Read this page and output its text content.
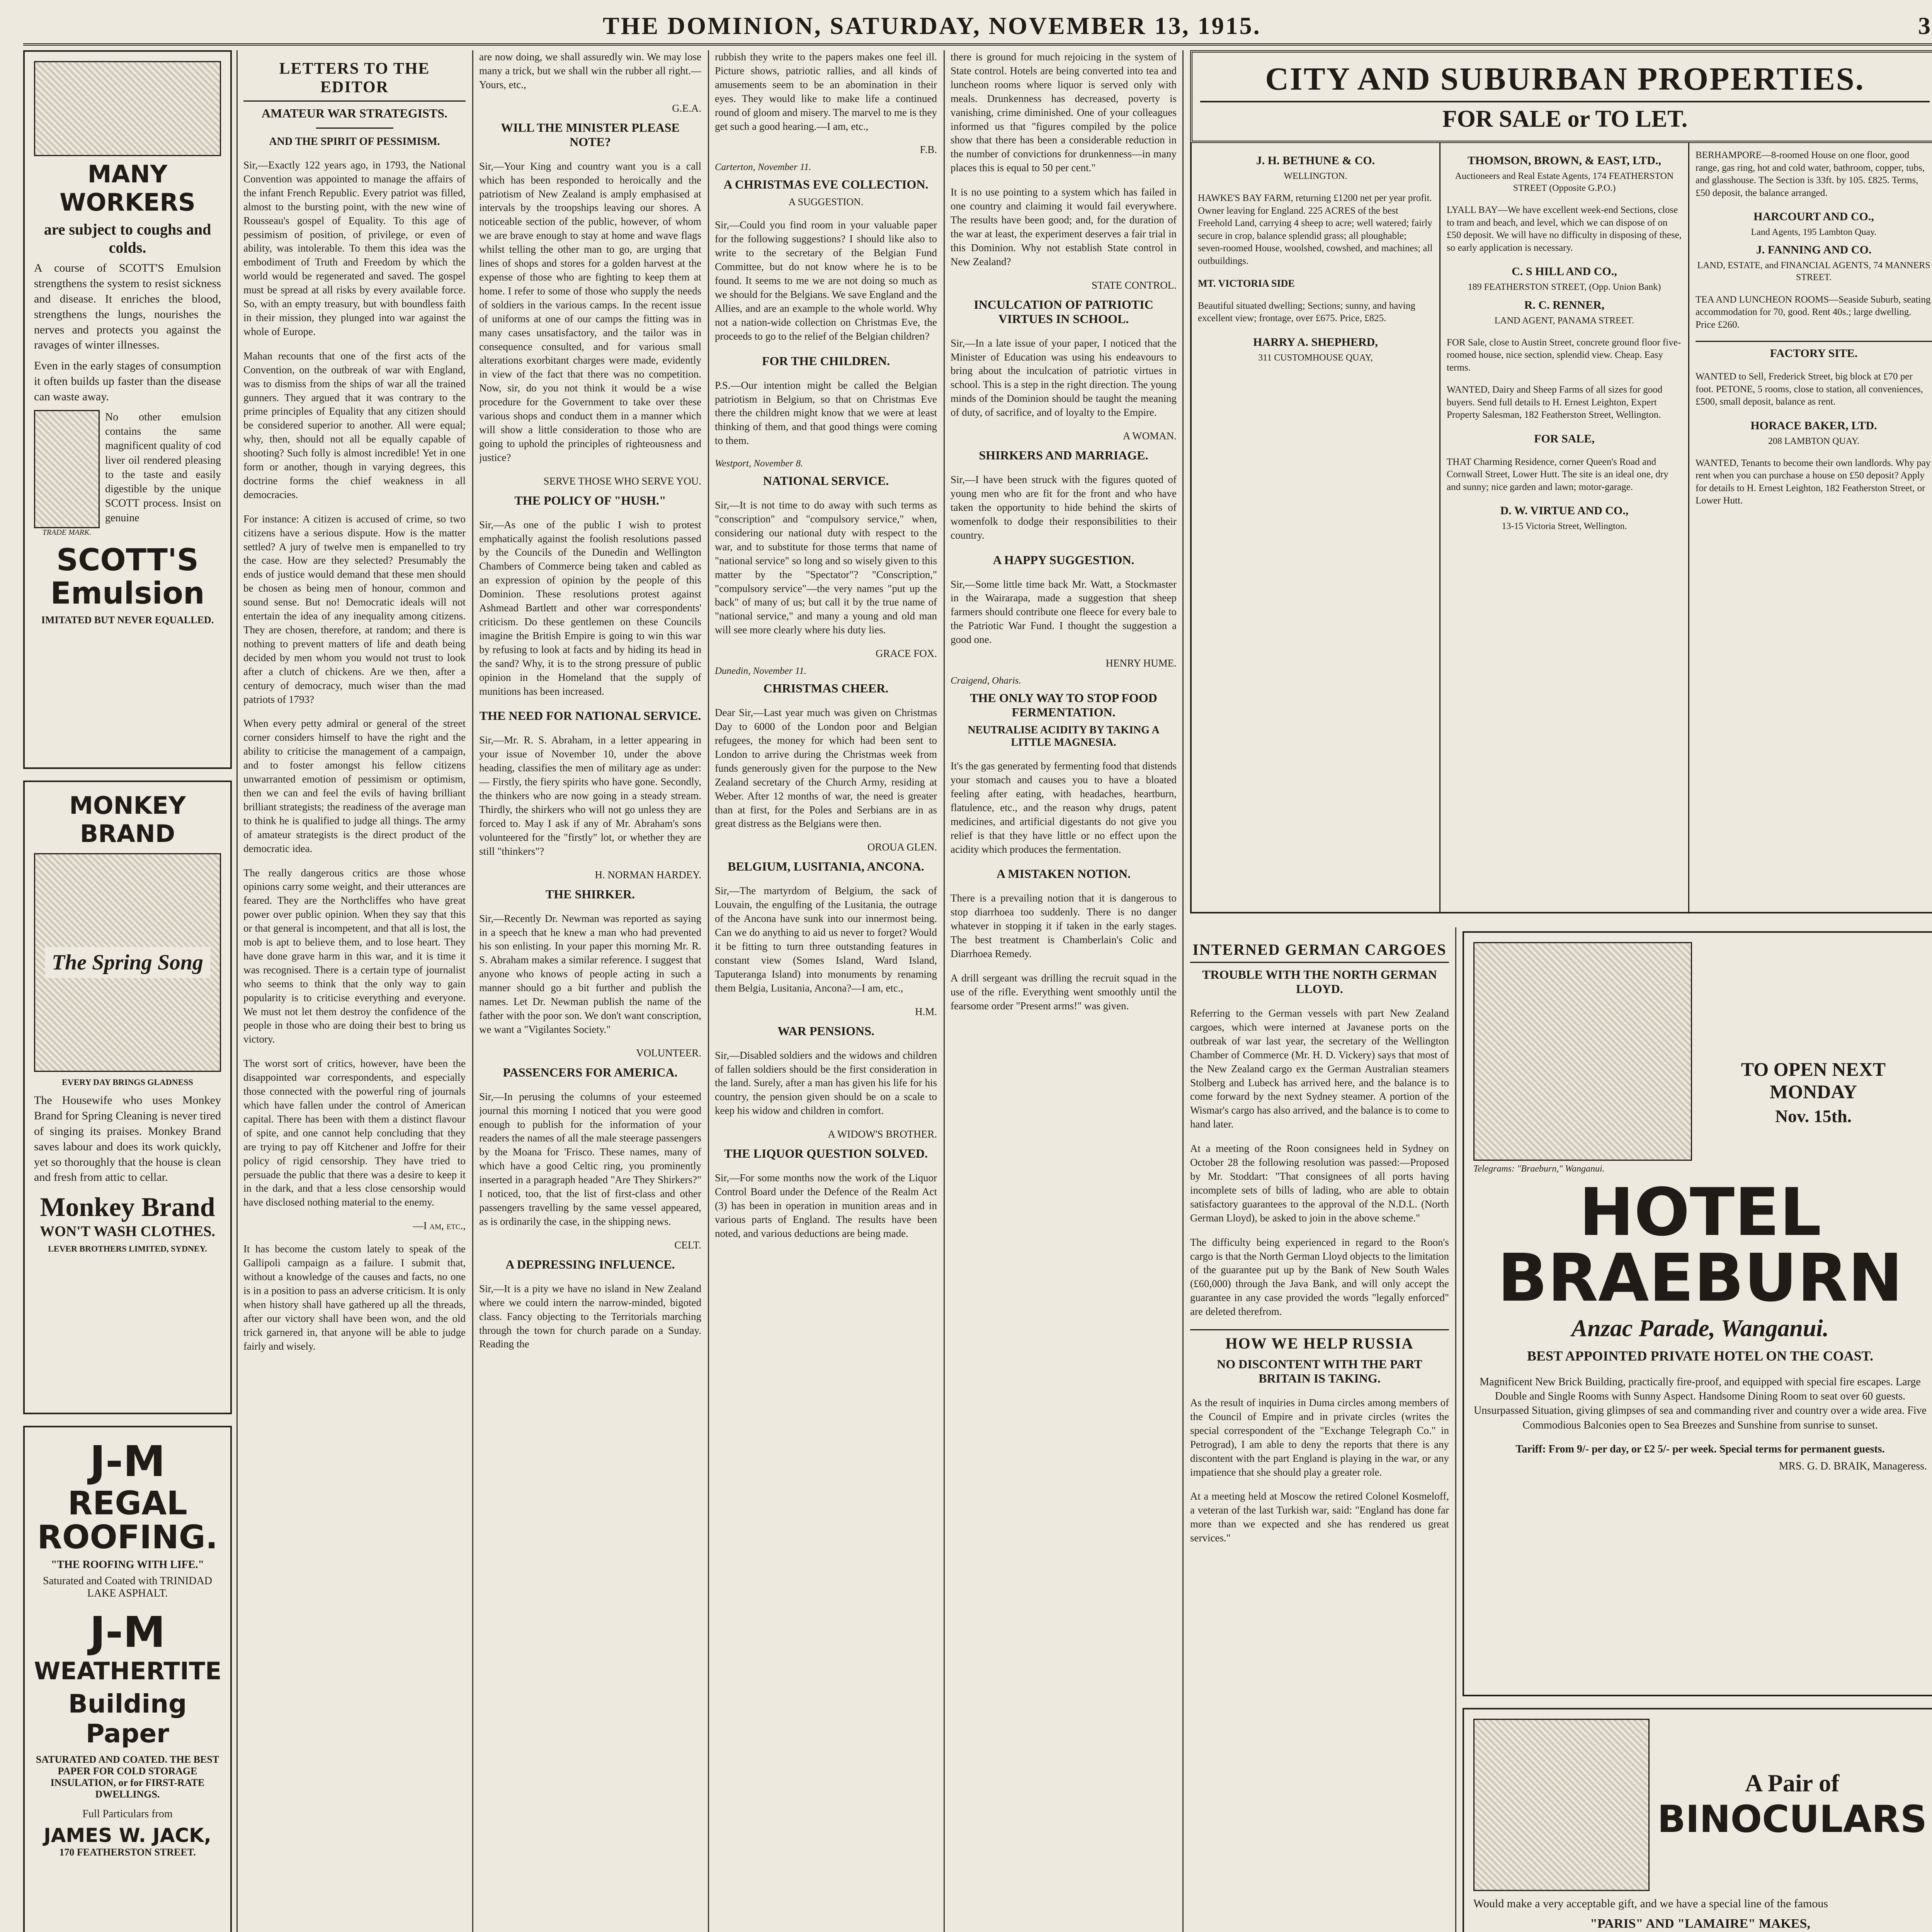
THE DOMINION, SATURDAY, NOVEMBER 13, 1915.	3
MANY WORKERS
are subject to coughs and colds.
A course of SCOTT'S Emulsion strengthens the system to resist sickness and disease. It enriches the blood, strengthens the lungs, nourishes the nerves and protects you against the ravages of winter illnesses.
Even in the early stages of consumption it often builds up faster than the disease can waste away.
TRADE MARK.
No other emulsion contains the same magnificent quality of cod liver oil rendered pleasing to the taste and easily digestible by the unique SCOTT process. Insist on genuine
SCOTT'S Emulsion
IMITATED BUT NEVER EQUALLED.
MONKEY BRAND
The Spring Song
EVERY DAY BRINGS GLADNESS
The Housewife who uses Monkey Brand for Spring Cleaning is never tired of singing its praises. Monkey Brand saves labour and does its work quickly, yet so thoroughly that the house is clean and fresh from attic to cellar.
Monkey Brand
WON'T WASH CLOTHES.
LEVER BROTHERS LIMITED, SYDNEY.
J-M
REGAL ROOFING.
"THE ROOFING WITH LIFE."
Saturated and Coated with TRINIDAD LAKE ASPHALT.
J-M
WEATHERTITE
Building Paper
SATURATED AND COATED. THE BEST PAPER FOR COLD STORAGE INSULATION, or for FIRST-RATE DWELLINGS.
Full Particulars from
JAMES W. JACK,
170 FEATHERSTON STREET.
LETTERS TO THE EDITOR
AMATEUR WAR STRATEGISTS.
AND THE SPIRIT OF PESSIMISM.

Sir,—Exactly 122 years ago, in 1793, the National Convention was appointed to manage the affairs of the infant French Republic. Every patriot was filled, almost to the bursting point, with the new wine of Rousseau's gospel of Equality. To this age of pessimism of position, of privilege, or even of ability, was intolerable. To them this idea was the embodiment of Truth and Freedom by which the world would be regenerated and saved. The gospel must be spread at all risks by every available force. So, with an empty treasury, but with boundless faith in their mission, they plunged into war against the whole of Europe.

Mahan recounts that one of the first acts of the Convention, on the outbreak of war with England, was to dismiss from the ships of war all the trained gunners. They argued that it was contrary to the prime principles of Equality that any citizen should be considered superior to another. All were equal; why, then, should not all be equally capable of shooting? Such folly is almost incredible! Yet in one form or another, though in varying degrees, this doctrine forms the chief weakness in all democracies.

For instance: A citizen is accused of crime, so two citizens have a serious dispute. How is the matter settled? A jury of twelve men is empanelled to try the case. How are they selected? Presumably the ends of justice would demand that these men should be chosen as being men of honour, common and sound sense. But no! Democratic ideals will not entertain the idea of any inequality among citizens. They are chosen, therefore, at random; and there is nothing to prevent matters of life and death being decided by men whom you would not trust to look after a clutch of chickens. Are we then, after a century of democracy, much wiser than the mad patriots of 1793?

When every petty admiral or general of the street corner considers himself to have the right and the ability to criticise the management of a campaign, and to foster amongst his fellow citizens unwarranted emotion of pessimism or optimism, then we can and feel the evils of having brilliant brilliant strategists; the readiness of the average man to think he is qualified to judge all things. The army of amateur strategists is the direct product of the democratic idea.

The really dangerous critics are those whose opinions carry some weight, and their utterances are feared. They are the Northcliffes who have great power over public opinion. When they say that this or that general is incompetent, and that all is lost, the mob is apt to believe them, and to lose heart. They have done grave harm in this war, and it is time it was recognised. There is a certain type of journalist who seems to think that the only way to gain popularity is to criticise everything and everyone. We must not let them destroy the confidence of the people in those who are doing their best to bring us victory.

The worst sort of critics, however, have been the disappointed war correspondents, and especially those connected with the powerful ring of journals which have fallen under the control of American capital. There has been with them a distinct flavour of spite, and one cannot help concluding that they are trying to pay off Kitchener and Joffre for their policy of rigid censorship. They have tried to persuade the public that there was a desire to keep it in the dark, and that a less close censorship would have disclosed nothing material to the enemy.

—I am, etc.,

It has become the custom lately to speak of the Gallipoli campaign as a failure. I submit that, without a knowledge of the causes and facts, no one is in a position to pass an adverse criticism. It is only when history shall have gathered up all the threads, after our victory shall have been won, and the old trick garnered in, that anyone will be able to judge fairly and wisely.

are now doing, we shall assuredly win. We may lose many a trick, but we shall win the rubber all right.—Yours, etc.,

G.E.A.
WILL THE MINISTER PLEASE NOTE?

Sir,—Your King and country want you is a call which has been responded to heroically and the patriotism of New Zealand is amply emphasised at intervals by the troopships leaving our shores. A noticeable section of the public, however, of whom we are brave enough to stay at home and wave flags whilst telling the other man to go, are urging that lines of shops and stores for a golden harvest at the expense of those who are fighting to keep them at home. I refer to some of those who supply the needs of soldiers in the various camps. In the recent issue of uniforms at one of our camps the fitting was in many cases unsatisfactory, and the tailor was in consequence consulted, and for various small alterations exorbitant charges were made, evidently in view of the fact that there was no competition. Now, sir, do you not think it would be a wise procedure for the Government to take over these various shops and conduct them in a manner which will show a little consideration to those who are going to uphold the principles of righteousness and justice?

SERVE THOSE WHO SERVE YOU.
THE POLICY OF "HUSH."

Sir,—As one of the public I wish to protest emphatically against the foolish resolutions passed by the Councils of the Dunedin and Wellington Chambers of Commerce being taken and cabled as an expression of opinion by the people of this Dominion. These resolutions protest against Ashmead Bartlett and other war correspondents' criticism. Do these gentlemen on these Councils imagine the British Empire is going to win this war by refusing to look at facts and by hiding its head in the sand? Why, it is to the strong pressure of public opinion in the Homeland that the supply of munitions has been increased.

THE NEED FOR NATIONAL SERVICE.

Sir,—Mr. R. S. Abraham, in a letter appearing in your issue of November 10, under the above heading, classifies the men of military age as under:— Firstly, the fiery spirits who have gone. Secondly, the thinkers who are now going in a steady stream. Thirdly, the shirkers who will not go unless they are forced to. May I ask if any of Mr. Abraham's sons volunteered for the "firstly" lot, or whether they are still "thinkers"?

H. NORMAN HARDEY.
THE SHIRKER.

Sir,—Recently Dr. Newman was reported as saying in a speech that he knew a man who had prevented his son enlisting. In your paper this morning Mr. R. S. Abraham makes a similar reference. I suggest that anyone who knows of people acting in such a manner should go a bit further and publish the names. Let Dr. Newman publish the name of the father with the poor son. We don't want conscription, we want a "Vigilantes Society."

VOLUNTEER.
PASSENCERS FOR AMERICA.

Sir,—In perusing the columns of your esteemed journal this morning I noticed that you were good enough to publish for the information of your readers the names of all the male steerage passengers by the Moana for 'Frisco. These names, many of which have a good Celtic ring, you prominently inserted in a paragraph headed "Are They Shirkers?" I noticed, too, that the list of first-class and other passengers travelling by the same vessel appeared, as is ordinarily the case, in the shipping news.

CELT.
A DEPRESSING INFLUENCE.

Sir,—It is a pity we have no island in New Zealand where we could intern the narrow-minded, bigoted class. Fancy objecting to the Territorials marching through the town for church parade on a Sunday. Reading the

rubbish they write to the papers makes one feel ill. Picture shows, patriotic rallies, and all kinds of amusements seem to be an abomination in their eyes. They would like to make life a continued round of gloom and misery. The marvel to me is they get such a good hearing.—I am, etc.,

F.B.
Carterton, November 11.
A CHRISTMAS EVE COLLECTION.
A SUGGESTION.

Sir,—Could you find room in your valuable paper for the following suggestions? I should like also to write to the secretary of the Belgian Fund Committee, but do not know where he is to be found. It seems to me we are not doing so much as we should for the Belgians. We save England and the Allies, and are an example to the whole world. Why not a nation-wide collection on Christmas Eve, the proceeds to go to the relief of the Belgian children?

FOR THE CHILDREN.

P.S.—Our intention might be called the Belgian patriotism in Belgium, so that on Christmas Eve there the children might know that we were at least thinking of them, and that good things were coming to them.

Westport, November 8.
NATIONAL SERVICE.

Sir,—It is not time to do away with such terms as "conscription" and "compulsory service," when, considering our national duty with respect to the war, and to substitute for those terms that name of "national service" so long and so wisely given to this matter by the "Spectator"? "Conscription," "compulsory service"—the very names "put up the back" of many of us; but call it by the true name of "national service," and many a young and old man will see more clearly where his duty lies.

GRACE FOX.
Dunedin, November 11.
CHRISTMAS CHEER.

Dear Sir,—Last year much was given on Christmas Day to 6000 of the London poor and Belgian refugees, the money for which had been sent to London to arrive during the Christmas week from funds generously given for the purpose to the New Zealand secretary of the Church Army, residing at Weber. After 12 months of war, the need is greater than at first, for the Poles and Serbians are in as great distress as the Belgians were then.

OROUA GLEN.
BELGIUM, LUSITANIA, ANCONA.

Sir,—The martyrdom of Belgium, the sack of Louvain, the engulfing of the Lusitania, the outrage of the Ancona have sunk into our innermost being. Can we do anything to aid us never to forget? Would it be fitting to turn three outstanding features in constant view (Somes Island, Ward Island, Taputeranga Island) into monuments by renaming them Belgia, Lusitania, Ancona?—I am, etc.,

H.M.
WAR PENSIONS.

Sir,—Disabled soldiers and the widows and children of fallen soldiers should be the first consideration in the land. Surely, after a man has given his life for his country, the pension given should be on a scale to keep his widow and children in comfort.

A WIDOW'S BROTHER.
THE LIQUOR QUESTION SOLVED.

Sir,—For some months now the work of the Liquor Control Board under the Defence of the Realm Act (3) has been in operation in munition areas and in various parts of England. The results have been noted, and various deductions are being made.

there is ground for much rejoicing in the system of State control. Hotels are being converted into tea and luncheon rooms where liquor is served only with meals. Drunkenness has decreased, poverty is vanishing, crime diminished. One of your colleagues informed us that "figures compiled by the police show that there has been a considerable reduction in the number of convictions for drunkenness—in many places this is equal to 50 per cent."

It is no use pointing to a system which has failed in one country and claiming it would fail everywhere. The results have been good; and, for the duration of the war at least, the experiment deserves a fair trial in this Dominion. Why not establish State control in New Zealand?

STATE CONTROL.
INCULCATION OF PATRIOTIC VIRTUES IN SCHOOL.

Sir,—In a late issue of your paper, I noticed that the Minister of Education was using his endeavours to bring about the inculcation of patriotic virtues in school. This is a step in the right direction. The young minds of the Dominion should be taught the meaning of duty, of sacrifice, and of loyalty to the Empire.

A WOMAN.
SHIRKERS AND MARRIAGE.

Sir,—I have been struck with the figures quoted of young men who are fit for the front and who have taken the opportunity to hide behind the skirts of womenfolk to dodge their responsibilities to their country.

A HAPPY SUGGESTION.

Sir,—Some little time back Mr. Watt, a Stockmaster in the Wairarapa, made a suggestion that sheep farmers should contribute one fleece for every bale to the Patriotic War Fund. I thought the suggestion a good one.

HENRY HUME.
Craigend, Oharis.
THE ONLY WAY TO STOP FOOD FERMENTATION.
NEUTRALISE ACIDITY BY TAKING A LITTLE MAGNESIA.

It's the gas generated by fermenting food that distends your stomach and causes you to have a bloated feeling after eating, with headaches, heartburn, flatulence, etc., and the reason why drugs, patent medicines, and artificial digestants do not give you relief is that they have little or no effect upon the acidity which produces the fermentation.

A MISTAKEN NOTION.

There is a prevailing notion that it is dangerous to stop diarrhoea too suddenly. There is no danger whatever in stopping it if taken in the early stages. The best treatment is Chamberlain's Colic and Diarrhoea Remedy.

A drill sergeant was drilling the recruit squad in the use of the rifle. Everything went smoothly until the fearsome order "Present arms!" was given.

CITY AND SUBURBAN PROPERTIES.
FOR SALE or TO LET.
J. H. BETHUNE & CO.
WELLINGTON.

HAWKE'S BAY FARM, returning £1200 net per year profit. Owner leaving for England. 225 ACRES of the best Freehold Land, carrying 4 sheep to acre; well watered; fairly secure in crop, balance splendid grass; all ploughable; seven-roomed House, woolshed, cowshed, and machines; all outbuildings.

MT. VICTORIA SIDE

Beautiful situated dwelling; Sections; sunny, and having excellent view; frontage, over £675. Price, £825.

HARRY A. SHEPHERD,
311 CUSTOMHOUSE QUAY,
THOMSON, BROWN, & EAST, LTD.,
Auctioneers and Real Estate Agents, 174 FEATHERSTON STREET (Opposite G.P.O.)

LYALL BAY—We have excellent week-end Sections, close to tram and beach, and level, which we can dispose of on £50 deposit. We will have no difficulty in disposing of these, so early application is necessary.

C. S HILL AND CO.,
189 FEATHERSTON STREET, (Opp. Union Bank)
R. C. RENNER,
LAND AGENT, PANAMA STREET.

FOR Sale, close to Austin Street, concrete ground floor five-roomed house, nice section, splendid view. Cheap. Easy terms.

WANTED, Dairy and Sheep Farms of all sizes for good buyers. Send full details to H. Ernest Leighton, Expert Property Salesman, 182 Featherston Street, Wellington.

FOR SALE,

THAT Charming Residence, corner Queen's Road and Cornwall Street, Lower Hutt. The site is an ideal one, dry and sunny; nice garden and lawn; motor-garage.

D. W. VIRTUE AND CO.,
13-15 Victoria Street, Wellington.

BERHAMPORE—8-roomed House on one floor, good range, gas ring, hot and cold water, bathroom, copper, tubs, and glasshouse. The Section is 33ft. by 105. £825. Terms, £50 deposit, the balance arranged.

HARCOURT AND CO.,
Land Agents, 195 Lambton Quay.
J. FANNING AND CO.
LAND, ESTATE, and FINANCIAL AGENTS, 74 MANNERS STREET.

TEA AND LUNCHEON ROOMS—Seaside Suburb, seating accommodation for 70, good. Rent 40s.; large dwelling. Price £260.

FACTORY SITE.

WANTED to Sell, Frederick Street, big block at £70 per foot. PETONE, 5 rooms, close to station, all conveniences, £500, small deposit, balance as rent.

HORACE BAKER, LTD.
208 LAMBTON QUAY.

WANTED, Tenants to become their own landlords. Why pay rent when you can purchase a house on £50 deposit? Apply for details to H. Ernest Leighton, 182 Featherston Street, or Lower Hutt.

INTERNED GERMAN CARGOES
TROUBLE WITH THE NORTH GERMAN LLOYD.

Referring to the German vessels with part New Zealand cargoes, which were interned at Javanese ports on the outbreak of war last year, the secretary of the Wellington Chamber of Commerce (Mr. H. D. Vickery) says that most of the New Zealand cargo ex the German Australian steamers Stolberg and Lubeck has arrived here, and the balance is to come forward by the next Sydney steamer. A portion of the Wismar's cargo has also arrived, and the balance is to come to hand later.

At a meeting of the Roon consignees held in Sydney on October 28 the following resolution was passed:—Proposed by Mr. Stoddart: "That consignees of all ports having incomplete sets of bills of lading, who are able to obtain satisfactory guarantees to the approval of the N.D.L. (North German Lloyd), be asked to join in the above scheme."

The difficulty being experienced in regard to the Roon's cargo is that the North German Lloyd objects to the limitation of the guarantee put up by the Bank of New South Wales (£60,000) through the Java Bank, and will only accept the guarantee in any case provided the words "legally enforced" are deleted therefrom.

HOW WE HELP RUSSIA
NO DISCONTENT WITH THE PART BRITAIN IS TAKING.

As the result of inquiries in Duma circles among members of the Council of Empire and in private circles (writes the special correspondent of the "Exchange Telegraph Co." in Petrograd), I am able to deny the reports that there is any discontent with the part England is playing in the war, or any impatience that she should play a greater role.

At a meeting held at Moscow the retired Colonel Kosmeloff, a veteran of the last Turkish war, said: "England has done far more than we expected and she has rendered us great services."

TO OPEN NEXT MONDAY
Nov. 15th.
Telegrams: "Braeburn," Wanganui.
HOTEL
BRAEBURN
Anzac Parade, Wanganui.
BEST APPOINTED PRIVATE HOTEL ON THE COAST.

Magnificent New Brick Building, practically fire-proof, and equipped with special fire escapes. Large Double and Single Rooms with Sunny Aspect. Handsome Dining Room to seat over 60 guests. Unsurpassed Situation, giving glimpses of sea and commanding river and country over a wide area. Five Commodious Balconies open to Sea Breezes and Sunshine from sunrise to sunset.

Tariff: From 9/- per day, or £2 5/- per week. Special terms for permanent guests.
MRS. G. D. BRAIK, Manageress.
A Pair of
BINOCULARS
Would make a very acceptable gift, and we have a special line of the famous
"PARIS" AND "LAMAIRE" MAKES,
